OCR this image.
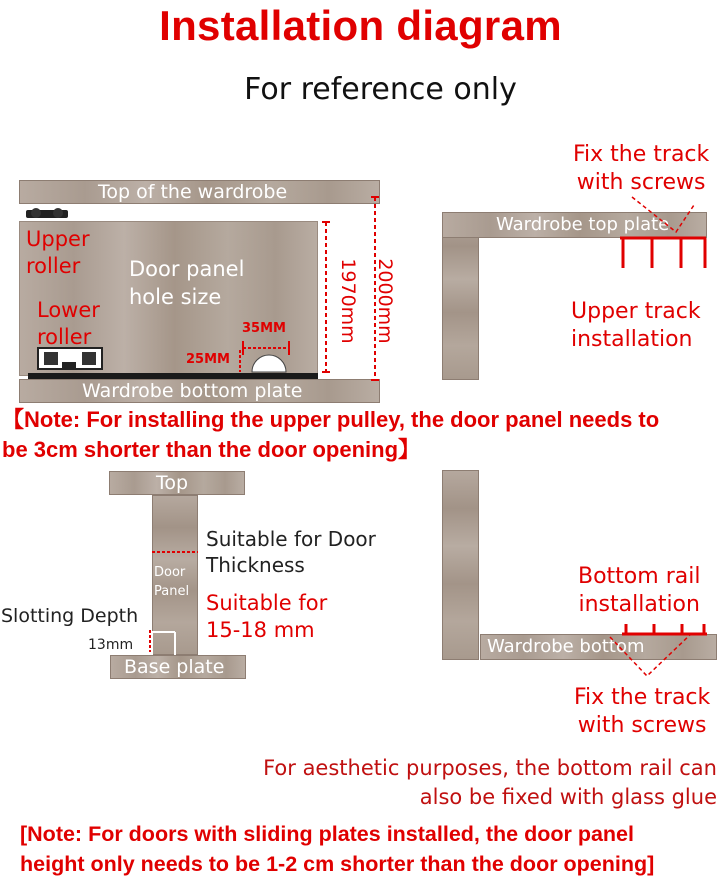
Installation diagram
For reference only
Top of the wardrobe
Wardrobe bottom plate
Upper
roller
Lower
roller
Door panel
hole size
35MM
25MM
1970mm 2000mm
【Note: For installing the upper pulley, the door panel needs to
be 3cm shorter than the door opening】
Fix the track
with screws
Wardrobe top plate
Upper track
installation
Top
Base plate
Door
Panel
Suitable for Door
Thickness
Suitable for
15-18 mm
Slotting Depth
13mm	Wardrobe bottom
Bottom rail
installation
Fix the track
with screws
For aesthetic purposes, the bottom rail can
also be fixed with glass glue
[Note: For doors with sliding plates installed, the door panel
height only needs to be 1-2 cm shorter than the door opening]
